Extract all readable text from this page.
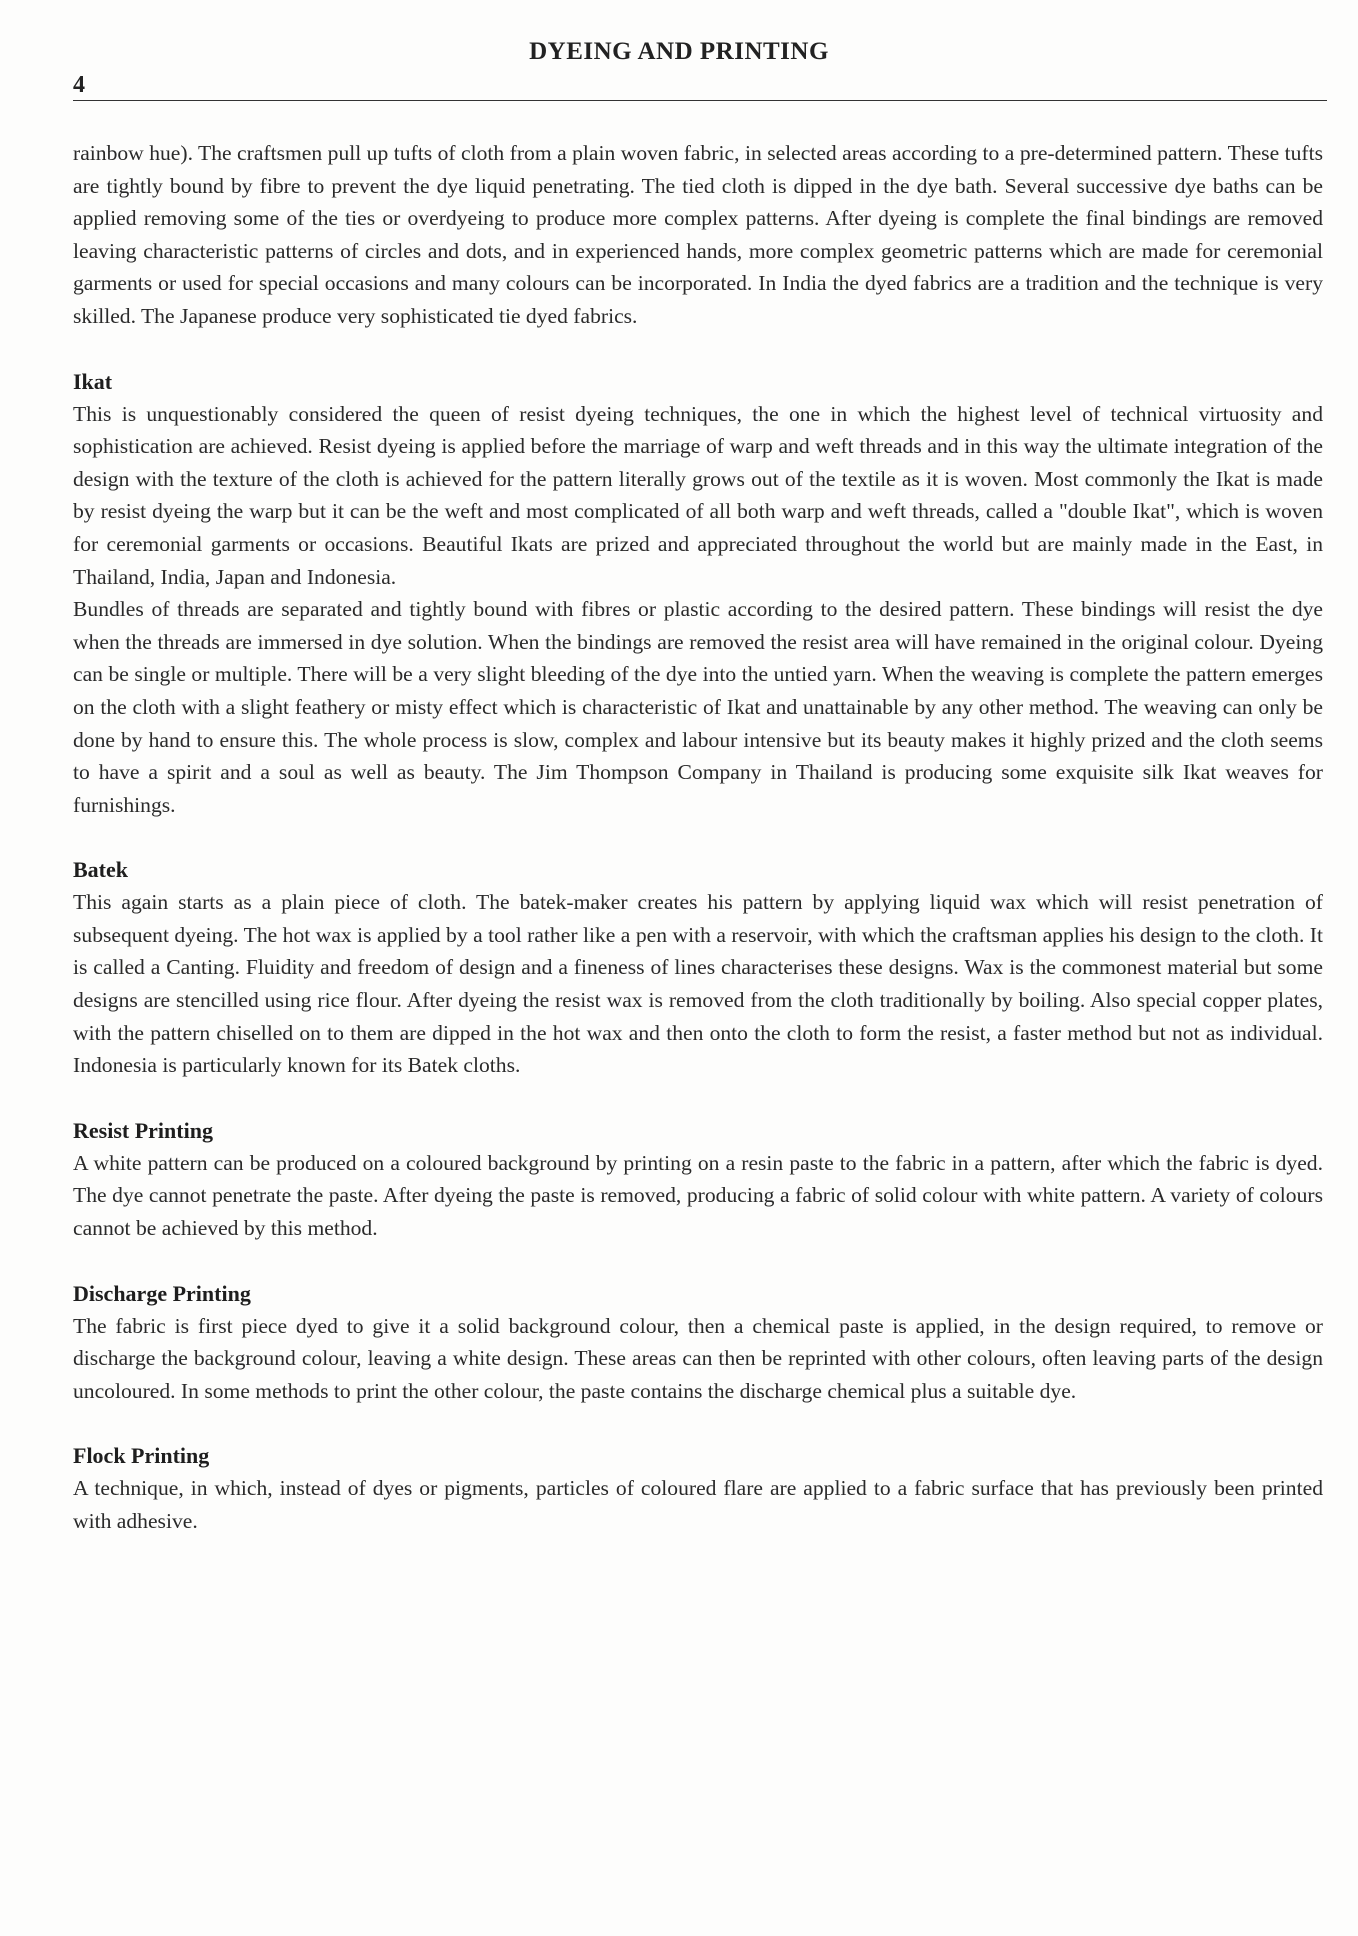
DYEING AND PRINTING
4

rainbow hue). The craftsmen pull up tufts of cloth from a plain woven fabric, in selected areas according to a pre-determined pattern. These tufts are tightly bound by fibre to prevent the dye liquid penetrating. The tied cloth is dipped in the dye bath. Several successive dye baths can be applied removing some of the ties or overdyeing to produce more complex patterns. After dyeing is complete the final bindings are removed leaving characteristic patterns of circles and dots, and in experienced hands, more complex geometric patterns which are made for ceremonial garments or used for special occasions and many colours can be incorporated. In India the dyed fabrics are a tradition and the technique is very skilled. The Japanese produce very sophisticated tie dyed fabrics.

Ikat

This is unquestionably considered the queen of resist dyeing techniques, the one in which the highest level of technical virtuosity and sophistication are achieved. Resist dyeing is applied before the marriage of warp and weft threads and in this way the ultimate integration of the design with the texture of the cloth is achieved for the pattern literally grows out of the textile as it is woven. Most commonly the Ikat is made by resist dyeing the warp but it can be the weft and most complicated of all both warp and weft threads, called a "double Ikat", which is woven for ceremonial garments or occasions. Beautiful Ikats are prized and appreciated throughout the world but are mainly made in the East, in Thailand, India, Japan and Indonesia.

Bundles of threads are separated and tightly bound with fibres or plastic according to the desired pattern. These bindings will resist the dye when the threads are immersed in dye solution. When the bindings are removed the resist area will have remained in the original colour. Dyeing can be single or multiple. There will be a very slight bleeding of the dye into the untied yarn. When the weaving is complete the pattern emerges on the cloth with a slight feathery or misty effect which is characteristic of Ikat and unattainable by any other method. The weaving can only be done by hand to ensure this. The whole process is slow, complex and labour intensive but its beauty makes it highly prized and the cloth seems to have a spirit and a soul as well as beauty. The Jim Thompson Company in Thailand is producing some exquisite silk Ikat weaves for furnishings.

Batek

This again starts as a plain piece of cloth. The batek-maker creates his pattern by applying liquid wax which will resist penetration of subsequent dyeing. The hot wax is applied by a tool rather like a pen with a reservoir, with which the craftsman applies his design to the cloth. It is called a Canting. Fluidity and freedom of design and a fineness of lines characterises these designs. Wax is the commonest material but some designs are stencilled using rice flour. After dyeing the resist wax is removed from the cloth traditionally by boiling. Also special copper plates, with the pattern chiselled on to them are dipped in the hot wax and then onto the cloth to form the resist, a faster method but not as individual. Indonesia is particularly known for its Batek cloths.

Resist Printing

A white pattern can be produced on a coloured background by printing on a resin paste to the fabric in a pattern, after which the fabric is dyed. The dye cannot penetrate the paste. After dyeing the paste is removed, producing a fabric of solid colour with white pattern. A variety of colours cannot be achieved by this method.

Discharge Printing

The fabric is first piece dyed to give it a solid background colour, then a chemical paste is applied, in the design required, to remove or discharge the background colour, leaving a white design. These areas can then be reprinted with other colours, often leaving parts of the design uncoloured. In some methods to print the other colour, the paste contains the discharge chemical plus a suitable dye.

Flock Printing

A technique, in which, instead of dyes or pigments, particles of coloured flare are applied to a fabric surface that has previously been printed with adhesive.
